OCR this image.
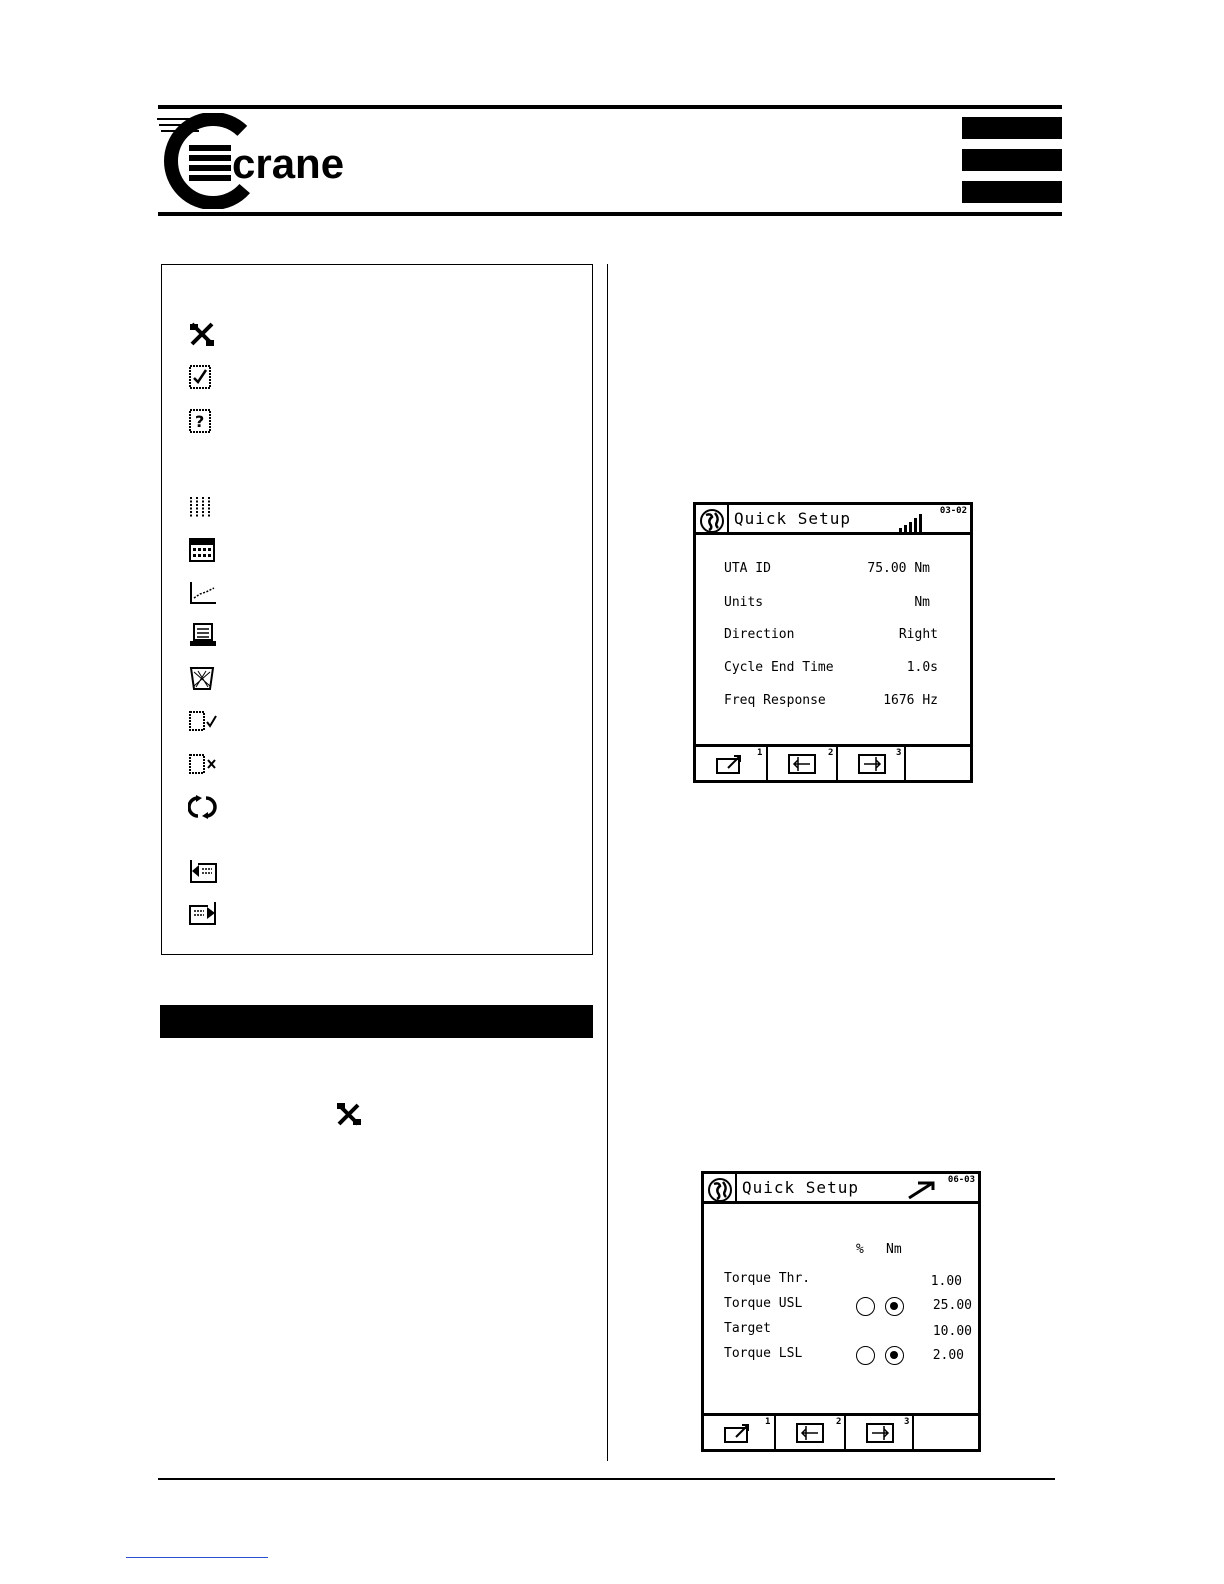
crane
?
Quick Setup	03-02
UTA ID	75.00 Nm
Units	Nm
Direction	Right
Cycle End Time	1.0s
Freq Response	1676 Hz
1	2	3
Quick Setup	06-03
% Nm
Torque Thr.	1.00
Torque USL	25.00
Target	10.00
Torque LSL	2.00
1	2	3
